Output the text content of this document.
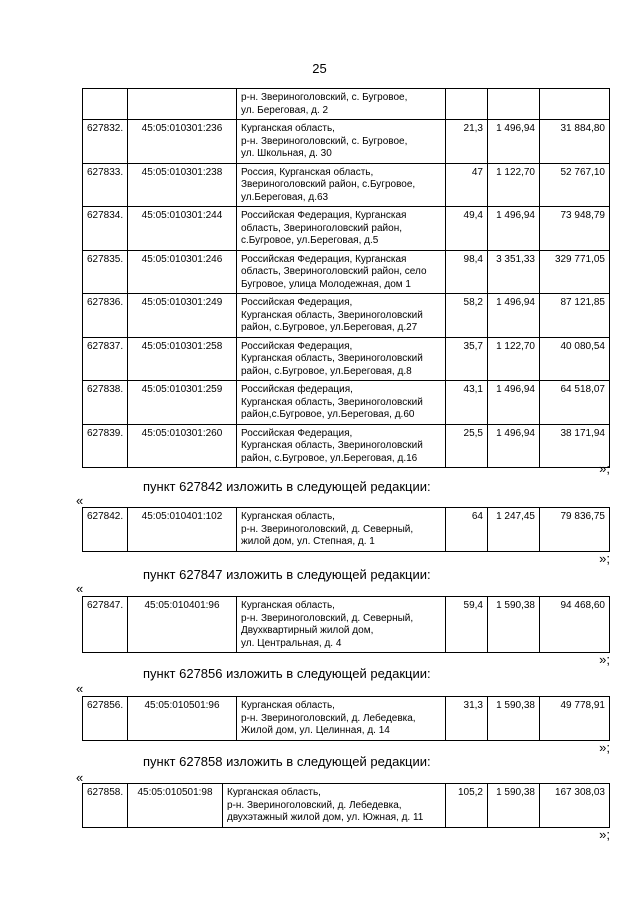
25

		р-н. Звериноголовский, с. Бугровое,
ул. Береговая, д. 2			

627832.	45:05:010301:236	Курганская область,
р-н. Звериноголовский, с. Бугровое,
ул. Школьная, д. 30	21,3	1 496,94	31 884,80
627833.	45:05:010301:238	Россия, Курганская область,
Звериноголовский район, с.Бугровое,
ул.Береговая, д.63	47	1 122,70	52 767,10
627834.	45:05:010301:244	Российская Федерация, Курганская
область, Звериноголовский район,
с.Бугровое, ул.Береговая, д.5	49,4	1 496,94	73 948,79
627835.	45:05:010301:246	Российская Федерация, Курганская
область, Звериноголовский район, село
Бугровое, улица Молодежная, дом 1	98,4	3 351,33	329 771,05
627836.	45:05:010301:249	Российская Федерация,
Курганская область, Звериноголовский
район, с.Бугровое, ул.Береговая, д.27	58,2	1 496,94	87 121,85
627837.	45:05:010301:258	Российская Федерация,
Курганская область, Звериноголовский
район, с.Бугровое, ул.Береговая, д.8	35,7	1 122,70	40 080,54
627838.	45:05:010301:259	Российская федерация,
Курганская область, Звериноголовский
район,с.Бугровое, ул.Береговая, д.60	43,1	1 496,94	64 518,07
627839.	45:05:010301:260	Российская Федерация,
Курганская область, Звериноголовский
район, с.Бугровое, ул.Береговая, д.16	25,5	1 496,94	38 171,94
»;
пункт 627842 изложить в следующей редакции:
«
627842.	45:05:010401:102	Курганская область,
р-н. Звериноголовский, д. Северный,
жилой дом, ул. Степная, д. 1
	64	1 247,45	79 836,75
»;
пункт 627847 изложить в следующей редакции:
«
627847.	45:05:010401:96	Курганская область,
р-н. Звериноголовский, д. Северный,
Двухквартирный жилой дом,
ул. Центральная, д. 4
	59,4	1 590,38	94 468,60
»;
пункт 627856 изложить в следующей редакции:
«
627856.	45:05:010501:96	Курганская область,
р-н. Звериноголовский, д. Лебедевка,
Жилой дом, ул. Целинная, д. 14
	31,3	1 590,38	49 778,91
»;
пункт 627858 изложить в следующей редакции:
«
627858.	45:05:010501:98	Курганская область,
р-н. Звериноголовский, д. Лебедевка,
двухэтажный жилой дом, ул. Южная, д. 11
	105,2	1 590,38	167 308,03
»;
